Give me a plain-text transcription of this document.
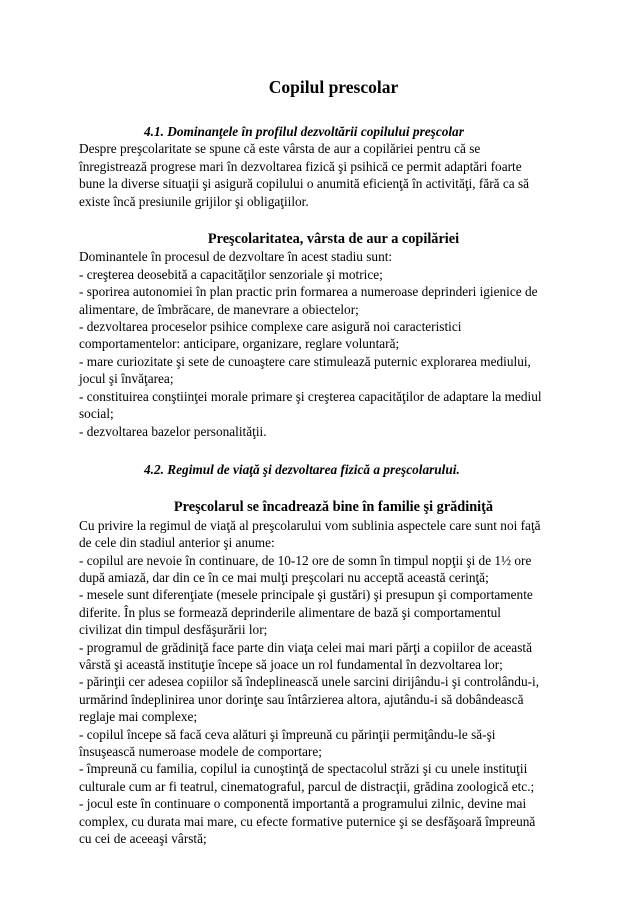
Copilul prescolar
4.1. Dominanţele în profilul dezvoltării copilului preşcolar
Despre preşcolaritate se spune că este vârsta de aur a copilăriei pentru că se
înregistrează progrese mari în dezvoltarea fizică şi psihică ce permit adaptări foarte
bune la diverse situaţii şi asigură copilului o anumită eficienţă în activităţi, fără ca să
existe încă presiunile grijilor şi obligaţiilor.
Preşcolaritatea, vârsta de aur a copilăriei
Dominantele în procesul de dezvoltare în acest stadiu sunt:
- creşterea deosebită a capacităţilor senzoriale şi motrice;
- sporirea autonomiei în plan practic prin formarea a numeroase deprinderi igienice de
alimentare, de îmbrăcare, de manevrare a obiectelor;
- dezvoltarea proceselor psihice complexe care asigură noi caracteristici
comportamentelor: anticipare, organizare, reglare voluntară;
- mare curiozitate şi sete de cunoaştere care stimulează puternic explorarea mediului,
jocul şi învăţarea;
- constituirea conştiinţei morale primare şi creşterea capacităţilor de adaptare la mediul
social;
- dezvoltarea bazelor personalităţii.
4.2. Regimul de viaţă şi dezvoltarea fizică a preşcolarului.
Preşcolarul se încadrează bine în familie şi grădiniţă
Cu privire la regimul de viaţă al preşcolarului vom sublinia aspectele care sunt noi faţă
de cele din stadiul anterior şi anume:
- copilul are nevoie în continuare, de 10-12 ore de somn în timpul nopţii şi de 1½ ore
după amiază, dar din ce în ce mai mulţi preşcolari nu acceptă această cerinţă;
- mesele sunt diferenţiate (mesele principale şi gustări) şi presupun şi comportamente
diferite. În plus se formează deprinderile alimentare de bază şi comportamentul
civilizat din timpul desfăşurării lor;
- programul de grădiniţă face parte din viaţa celei mai mari părţi a copiilor de această
vârstă şi această instituţie începe să joace un rol fundamental în dezvoltarea lor;
- părinţii cer adesea copiilor să îndeplinească unele sarcini dirijându-i şi controlându-i,
urmărind îndeplinirea unor dorinţe sau întârzierea altora, ajutându-i să dobândească
reglaje mai complexe;
- copilul începe să facă ceva alături şi împreună cu părinţii permiţându-le să-şi
însuşească numeroase modele de comportare;
- împreună cu familia, copilul ia cunoştinţă de spectacolul străzi şi cu unele instituţii
culturale cum ar fi teatrul, cinematograful, parcul de distracţii, grădina zoologică etc.;
- jocul este în continuare o componentă importantă a programului zilnic, devine mai
complex, cu durata mai mare, cu efecte formative puternice şi se desfăşoară împreună
cu cei de aceeaşi vârstă;
